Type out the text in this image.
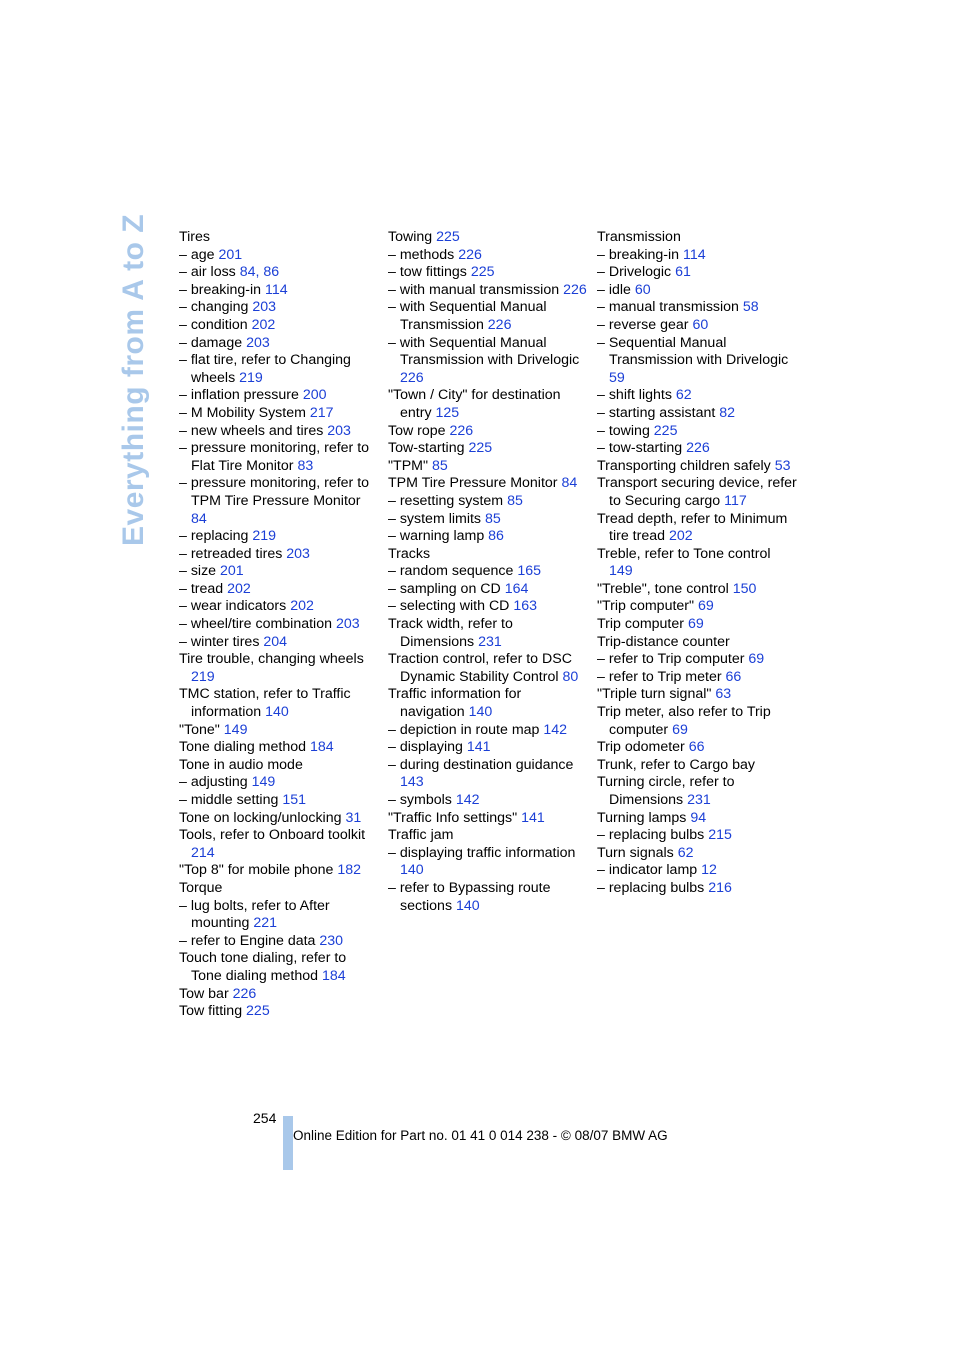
Everything from A to Z Tires
– age 201
– air loss 84, 86
– breaking-in 114
– changing 203
– condition 202
– damage 203
– flat tire, refer to Changing wheels 219
– inflation pressure 200
– M Mobility System 217
– new wheels and tires 203
– pressure monitoring, refer to Flat Tire Monitor 83
– pressure monitoring, refer to TPM Tire Pressure Monitor 84
– replacing 219
– retreaded tires 203
– size 201
– tread 202
– wear indicators 202
– wheel/tire combination 203
– winter tires 204
Tire trouble, changing wheels 219
TMC station, refer to Traffic information 140
"Tone" 149
Tone dialing method 184
Tone in audio mode
– adjusting 149
– middle setting 151
Tone on locking/unlocking 31
Tools, refer to Onboard toolkit 214
"Top 8" for mobile phone 182
Torque
– lug bolts, refer to After mounting 221
– refer to Engine data 230
Touch tone dialing, refer to Tone dialing method 184
Tow bar 226
Tow fitting 225
Towing 225
– methods 226
– tow fittings 225
– with manual transmission 226
– with Sequential Manual Transmission 226
– with Sequential Manual Transmission with Drivelogic 226
"Town / City" for destination entry 125
Tow rope 226
Tow-starting 225
"TPM" 85
TPM Tire Pressure Monitor 84
– resetting system 85
– system limits 85
– warning lamp 86
Tracks
– random sequence 165
– sampling on CD 164
– selecting with CD 163
Track width, refer to Dimensions 231
Traction control, refer to DSC Dynamic Stability Control 80
Traffic information for navigation 140
– depiction in route map 142
– displaying 141
– during destination guidance 143
– symbols 142
"Traffic Info settings" 141
Traffic jam
– displaying traffic information 140
– refer to Bypassing route sections 140
Transmission
– breaking-in 114
– Drivelogic 61
– idle 60
– manual transmission 58
– reverse gear 60
– Sequential Manual Transmission with Drivelogic 59
– shift lights 62
– starting assistant 82
– towing 225
– tow-starting 226
Transporting children safely 53
Transport securing device, refer to Securing cargo 117
Tread depth, refer to Minimum tire tread 202
Treble, refer to Tone control 149
"Treble", tone control 150
"Trip computer" 69
Trip computer 69
Trip-distance counter
– refer to Trip computer 69
– refer to Trip meter 66
"Triple turn signal" 63
Trip meter, also refer to Trip computer 69
Trip odometer 66
Trunk, refer to Cargo bay
Turning circle, refer to Dimensions 231
Turning lamps 94
– replacing bulbs 215
Turn signals 62
– indicator lamp 12
– replacing bulbs 216
254
Online Edition for Part no. 01 41 0 014 238 - © 08/07 BMW AG
